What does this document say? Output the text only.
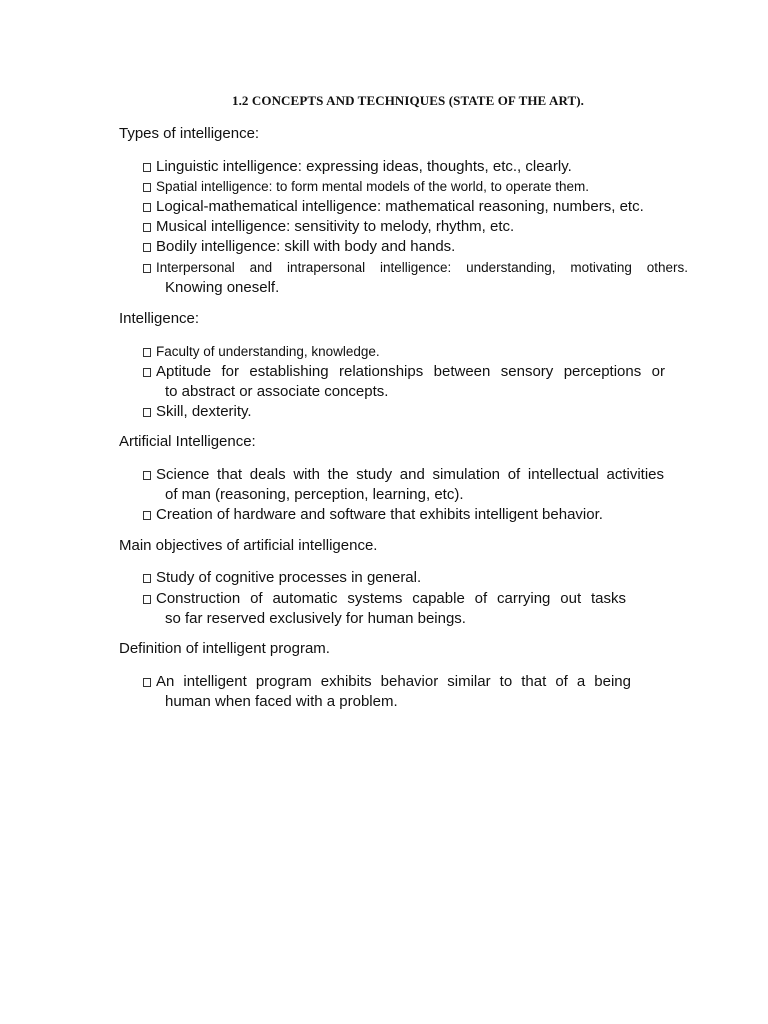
1.2 CONCEPTS AND TECHNIQUES (STATE OF THE ART).
Types of intelligence:
Linguistic intelligence: expressing ideas, thoughts, etc., clearly.
Spatial intelligence: to form mental models of the world, to operate them.
Logical-mathematical intelligence: mathematical reasoning, numbers, etc.
Musical intelligence: sensitivity to melody, rhythm, etc.
Bodily intelligence: skill with body and hands.
Interpersonal and intrapersonal intelligence: understanding, motivating others.
Knowing oneself.
Intelligence:
Faculty of understanding, knowledge.
Aptitude for establishing relationships between sensory perceptions or
to abstract or associate concepts.
Skill, dexterity.
Artificial Intelligence:
Science that deals with the study and simulation of intellectual activities
of man (reasoning, perception, learning, etc).
Creation of hardware and software that exhibits intelligent behavior.
Main objectives of artificial intelligence.
Study of cognitive processes in general.
Construction of automatic systems capable of carrying out tasks
so far reserved exclusively for human beings.
Definition of intelligent program.
An intelligent program exhibits behavior similar to that of a being
human when faced with a problem.
